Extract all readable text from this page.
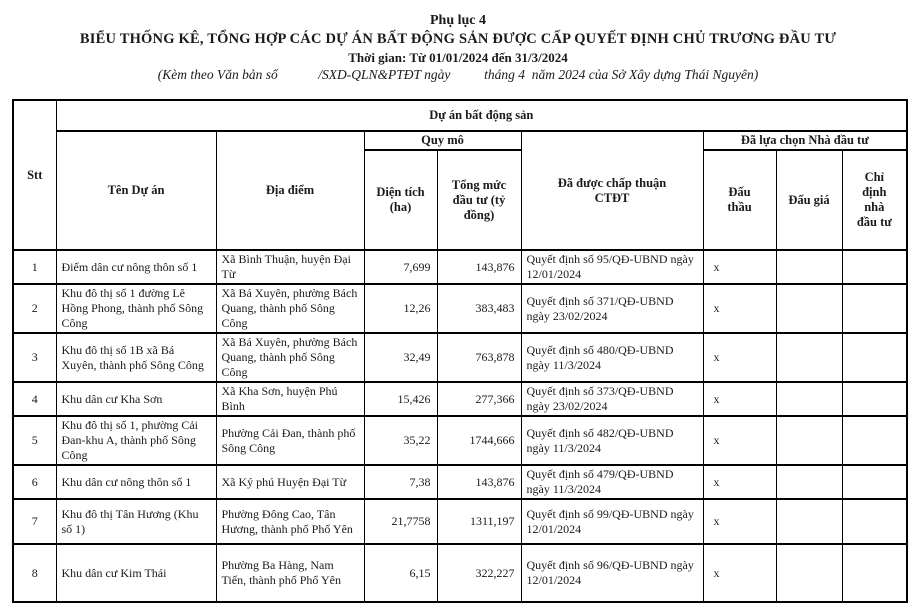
Phụ lục 4
BIỂU THỐNG KÊ, TỔNG HỢP CÁC DỰ ÁN BẤT ĐỘNG SẢN ĐƯỢC CẤP QUYẾT ĐỊNH CHỦ TRƯƠNG ĐẦU TƯ
Thời gian: Từ 01/01/2024 đến 31/3/2024
(Kèm theo Văn bản số            /SXD-QLN&PTĐT ngày          tháng 4  năm 2024 của Sở Xây dựng Thái Nguyên)
Stt	Dự án bất động sản							
	Tên Dự án	Địa điểm	Quy mô		Đã được chấp thuận CTĐT	Đã lựa chọn Nhà đầu tư		
			Diện tích (ha)	Tổng mức đầu tư (tỷ đồng)		Đấu thầu	Đấu giá	Chỉ định nhà đầu tư
1	Điểm dân cư nông thôn số 1	Xã Bình Thuận, huyện Đại Từ	7,699	143,876	Quyết định số 95/QĐ-UBND ngày 12/01/2024	x		
2	Khu đô thị số 1 đường Lê Hồng Phong, thành phố Sông Công	Xã Bá Xuyên, phường Bách Quang, thành phố Sông Công	12,26	383,483	Quyết định số 371/QĐ-UBND ngày 23/02/2024	x		
3	Khu đô thị số 1B xã Bá Xuyên, thành phố Sông Công	Xã Bá Xuyên, phường Bách Quang, thành phố Sông Công	32,49	763,878	Quyết định số 480/QĐ-UBND ngày 11/3/2024	x		
4	Khu dân cư Kha Sơn	Xã Kha Sơn, huyện Phú Bình	15,426	277,366	Quyết định số 373/QĐ-UBND ngày 23/02/2024	x		
5	Khu đô thị số 1, phường Cải Đan-khu A, thành phố Sông Công	Phường Cải Đan, thành phố Sông Công	35,22	1744,666	Quyết định số 482/QĐ-UBND ngày 11/3/2024	x		
6	Khu dân cư nông thôn số 1	Xã Ký phú Huyện Đại Từ	7,38	143,876	Quyết định số 479/QĐ-UBND ngày 11/3/2024	x		
7	Khu đô thị Tân Hương (Khu số 1)	Phường Đông Cao, Tân Hương, thành phố Phổ Yên	21,7758	1311,197	Quyết định số 99/QĐ-UBND ngày 12/01/2024	x		
8	Khu dân cư Kim Thái	Phường Ba Hàng, Nam Tiến, thành phố Phổ Yên	6,15	322,227	Quyết định số 96/QĐ-UBND ngày 12/01/2024	x		
